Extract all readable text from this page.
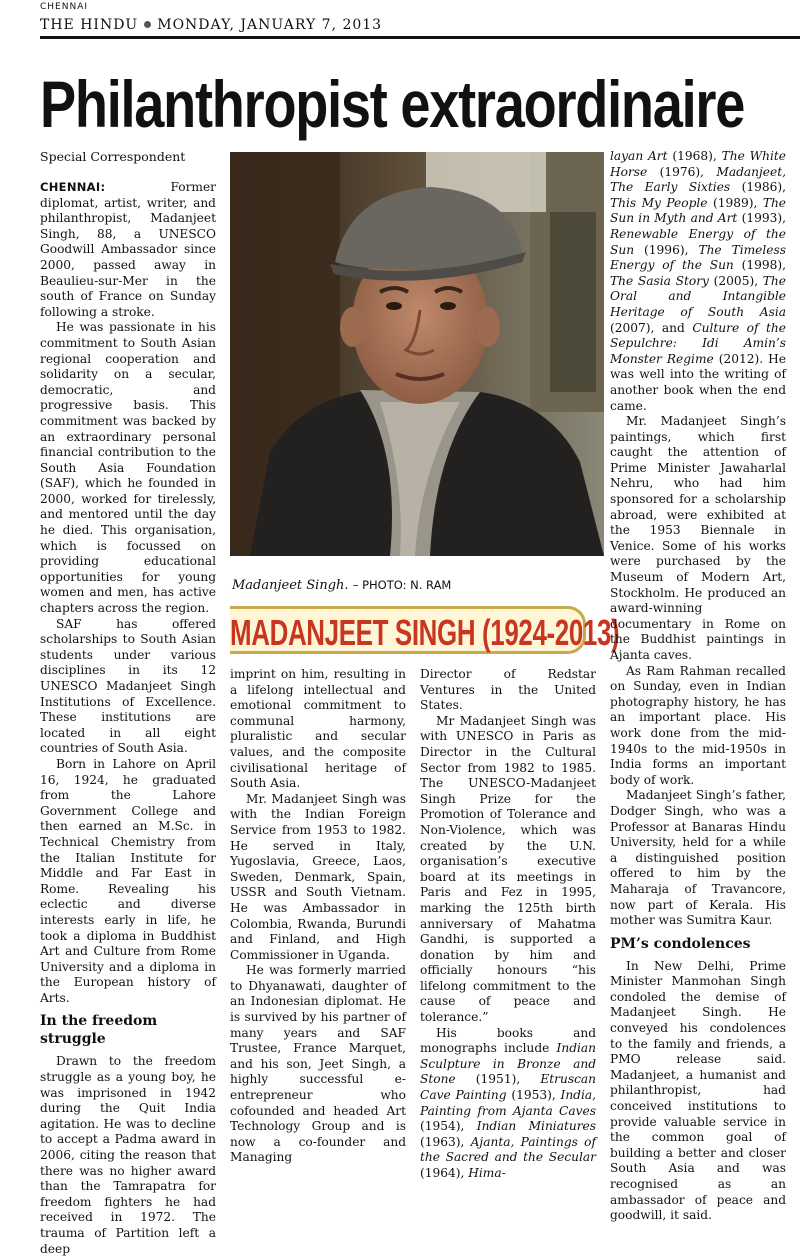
CHENNAI
THE HINDU MONDAY, JANUARY 7, 2013
Philanthropist extraordinaire
Special Correspondent

CHENNAI:	Former diplomat, artist, writer, and philanthropist, Madanjeet Singh, 88, a UNESCO Goodwill Ambassador since 2000, passed away in Beaulieu-sur-Mer in the south of France on Sunday following a stroke.

He was passionate in his commitment to South Asian regional cooperation and solidarity on a secular, democratic, and progressive basis. This commitment was backed by an extraordinary personal financial contribution to the South Asia Foundation (SAF), which he founded in 2000, worked for tirelessly, and mentored until the day he died. This organisation, which is focussed on providing educational opportunities for young women and men, has active chapters across the region.

SAF has offered scholarships to South Asian students under various disciplines in its 12 UNESCO Madanjeet Singh Institutions of Excellence. These institutions are located in all eight countries of South Asia.

Born in Lahore on April 16, 1924, he graduated from the Lahore Government College and then earned an M.Sc. in Technical Chemistry from the Italian Institute for Middle and Far East in Rome. Revealing his eclectic and diverse interests early in life, he took a diploma in Buddhist Art and Culture from Rome University and a diploma in the European history of Arts.

In the freedom struggle

Drawn to the freedom struggle as a young boy, he was imprisoned in 1942 during the Quit India agitation. He was to decline to accept a Padma award in 2006, citing the reason that there was no higher award than the Tamrapatra for freedom fighters he had received in 1972. The trauma of Partition left a deep

Madanjeet Singh. – PHOTO: N. RAM
MADANJEET SINGH (1924-2013)

imprint on him, resulting in a lifelong intellectual and emotional commitment to communal harmony, pluralistic and secular values, and the composite civilisational heritage of South Asia.

Mr. Madanjeet Singh was with the Indian Foreign Service from 1953 to 1982. He served in Italy, Yugoslavia, Greece, Laos, Sweden, Denmark, Spain, USSR and South Vietnam. He was Ambassador in Colombia, Rwanda, Burundi and Finland, and High Commissioner in Uganda.

He was formerly married to Dhyanawati, daughter of an Indonesian diplomat. He is survived by his partner of many years and SAF Trustee, France Marquet, and his son, Jeet Singh, a highly successful e-entrepreneur who cofounded and headed Art Technology Group and is now a co-founder and Managing

Director of Redstar Ventures in the United States.

Mr Madanjeet Singh was with UNESCO in Paris as Director in the Cultural Sector from 1982 to 1985. The UNESCO-Madanjeet Singh Prize for the Promotion of Tolerance and Non-Violence, which was created by the U.N. organisation’s executive board at its meetings in Paris and Fez in 1995, marking the 125th birth anniversary of Mahatma Gandhi, is supported a donation by him and officially honours “his lifelong commitment to the cause of peace and tolerance.”

His books and monographs include Indian Sculpture in Bronze and Stone (1951), Etruscan Cave Painting (1953), India, Painting from Ajanta Caves (1954), Indian Miniatures (1963), Ajanta, Paintings of the Sacred and the Secular (1964), Hima-

layan Art (1968), The White Horse (1976), Madanjeet, The Early Sixties (1986), This My People (1989), The Sun in Myth and Art (1993), Renewable Energy of the Sun (1996), The Timeless Energy of the Sun (1998), The Sasia Story (2005), The Oral and Intangible Heritage of South Asia (2007), and Culture of the Sepulchre: Idi Amin’s Monster Regime (2012). He was well into the writing of another book when the end came.

Mr. Madanjeet Singh’s paintings, which first caught the attention of Prime Minister Jawaharlal Nehru, who had him sponsored for a scholarship abroad, were exhibited at the 1953 Biennale in Venice. Some of his works were purchased by the Museum of Modern Art, Stockholm. He produced an award-winning documentary in Rome on the Buddhist paintings in Ajanta caves.

As Ram Rahman recalled on Sunday, even in Indian photography history, he has an important place. His work done from the mid-1940s to the mid-1950s in India forms an important body of work.

Madanjeet Singh’s father, Dodger Singh, who was a Professor at Banaras Hindu University, held for a while a distinguished position offered to him by the Maharaja of Travancore, now part of Kerala. His mother was Sumitra Kaur.

PM’s condolences

In New Delhi, Prime Minister Manmohan Singh condoled the demise of Madanjeet Singh. He conveyed his condolences to the family and friends, a PMO release said. Madanjeet, a humanist and philanthropist, had conceived institutions to provide valuable service in the common goal of building a better and closer South Asia and was recognised as an ambassador of peace and goodwill, it said.
